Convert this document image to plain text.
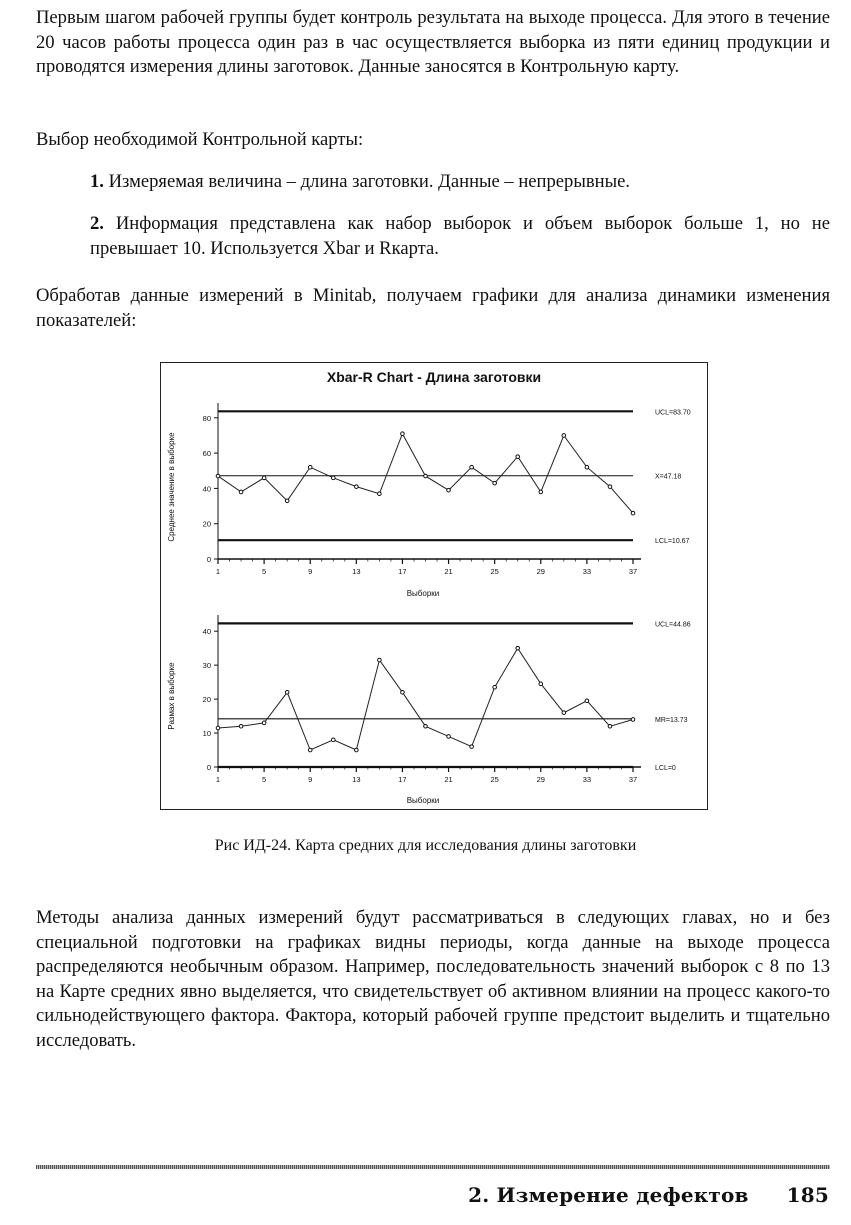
Первым шагом рабочей группы будет контроль результата на выходе процесса. Для этого в течение 20 часов работы процесса один раз в час осуществляется выборка из пяти единиц продукции и проводятся измерения длины заготовок. Данные заносятся в Контрольную карту.

Выбор необходимой Контрольной карты:

1. Измеряемая величина – длина заготовки. Данные – непрерывные.

2. Информация представлена как набор выборок и объем выборок больше 1, но не превышает 10. Используется Xbar и Rкарта.

Обработав данные измерений в Minitab, получаем графики для анализа динамики изменения показателей:

Xbar-R Chart - Длина заготовки
Среднее значение в выборке
Выборки
Размах в выборке
Выборки
0
20
40
60
80
1	5	9	13	17	21	25	29	33	37
UCL=83.70
X=47.18
LCL=10.67
0
10
20
30
40
1	5	9	13	17	21	25	29	33	37
UCL=44.86
MR=13.73
LCL=0
Рис ИД-24. Карта средних для исследования длины заготовки

Методы анализа данных измерений будут рассматриваться в следующих главах, но и без специальной подготовки на графиках видны периоды, когда данные на выходе процесса распределяются необычным образом. Например, последовательность значений выборок с 8 по 13 на Карте средних явно выделяется, что свидетельствует об активном влиянии на процесс какого-то сильнодействующего фактора. Фактора, который рабочей группе предстоит выделить и тщательно исследовать.

2. Измерение дефектов 185
